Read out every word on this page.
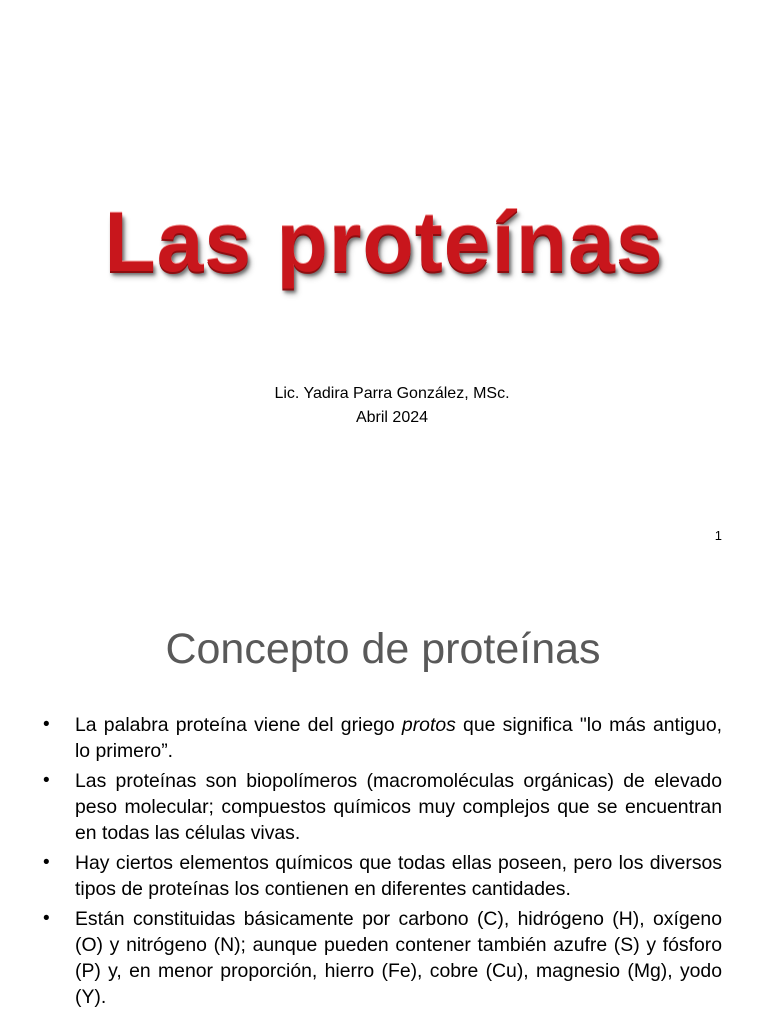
Las proteínas
Lic. Yadira Parra González, MSc.
Abril 2024
1
Concepto de proteínas
• La palabra proteína viene del griego protos que significa "lo más antiguo, lo primero”.
• Las proteínas son biopolímeros (macromoléculas orgánicas) de elevado peso molecular; compuestos químicos muy complejos que se encuentran en todas las células vivas.
• Hay ciertos elementos químicos que todas ellas poseen, pero los diversos tipos de proteínas los contienen en diferentes cantidades.
• Están constituidas básicamente por carbono (C), hidrógeno (H), oxígeno (O) y nitrógeno (N); aunque pueden contener también azufre (S) y fósforo (P) y, en menor proporción, hierro (Fe), cobre (Cu), magnesio (Mg), yodo (Y).
